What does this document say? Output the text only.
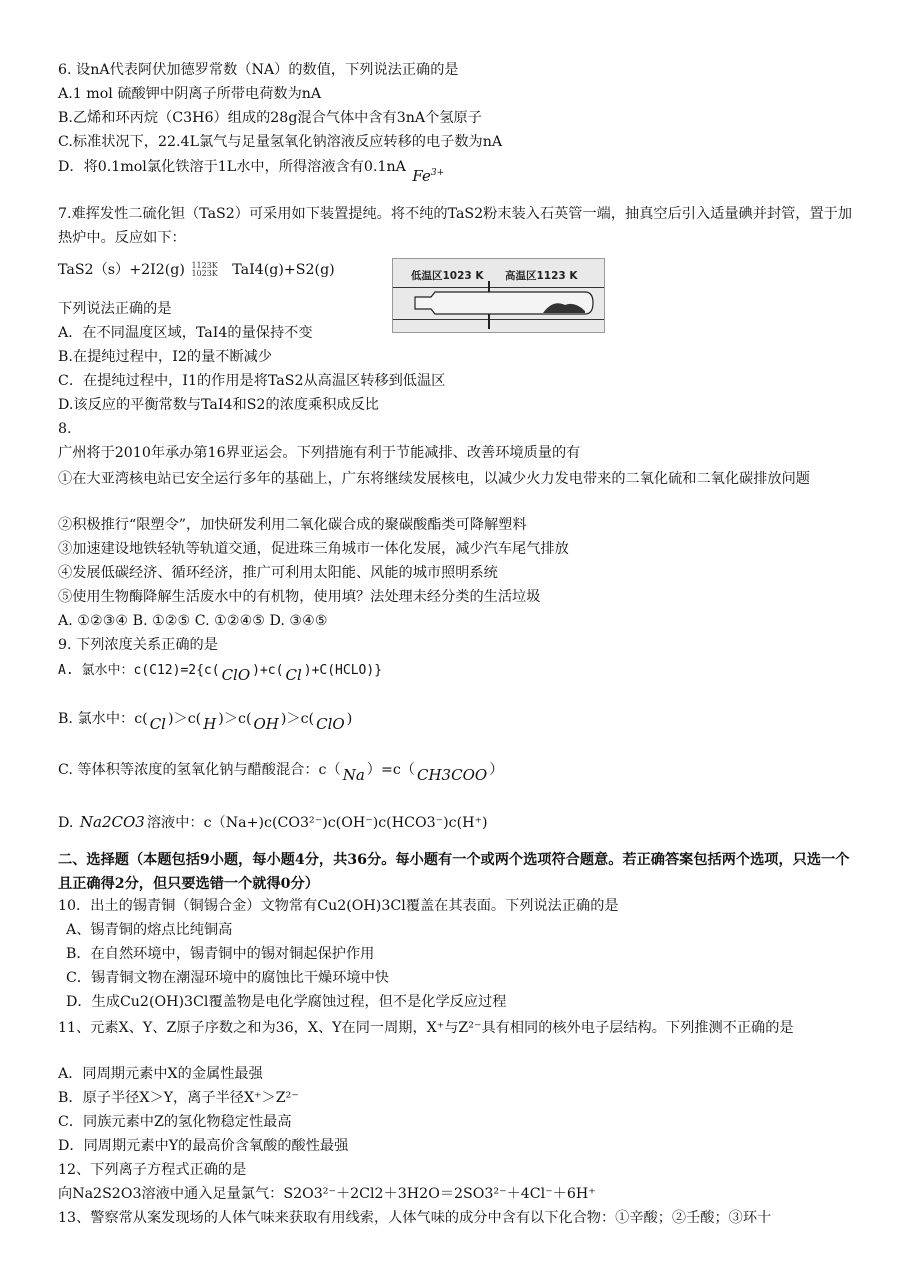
6. 设nA代表阿伏加德罗常数（NA）的数值，下列说法正确的是
A.1 mol 硫酸钾中阴离子所带电荷数为nA
B.乙烯和环丙烷（C3H6）组成的28g混合气体中含有3nA个氢原子
C.标准状况下，22.4L氯气与足量氢氧化钠溶液反应转移的电子数为nA
D．将0.1mol氯化铁溶于1L水中，所得溶液含有0.1nA $Fe^{3+}$
7.难挥发性二硫化钽（TaS2）可采用如下装置提纯。将不纯的TaS2粉末装入石英管一端，抽真空后引入适量碘并封管，置于加热炉中。反应如下：
TaS2（s）+2I2(g) 1123K
1023K TaI4(g)+S2(g)	低温区1023 K 高温区1123 K
下列说法正确的是
A．在不同温度区域，TaI4的量保持不变
B.在提纯过程中，I2的量不断减少
C．在提纯过程中，I1的作用是将TaS2从高温区转移到低温区
D.该反应的平衡常数与TaI4和S2的浓度乘积成反比
8.
广州将于2010年承办第16界亚运会。下列措施有利于节能减排、改善环境质量的有
①在大亚湾核电站已安全运行多年的基础上，广东将继续发展核电，以减少火力发电带来的二氧化硫和二氧化碳排放问题
②积极推行“限塑令”，加快研发利用二氧化碳合成的聚碳酸酯类可降解塑料
③加速建设地铁轻轨等轨道交通，促进珠三角城市一体化发展，减少汽车尾气排放
④发展低碳经济、循环经济，推广可利用太阳能、风能的城市照明系统
⑤使用生物酶降解生活废水中的有机物，使用填？法处理未经分类的生活垃圾
A. ①②③④ B. ①②⑤ C. ①②④⑤ D. ③④⑤
9. 下列浓度关系正确的是
A. 氯水中：c(C12)=2{c( ClO )+c( Cl )+C(HCLO)}
B. 氯水中：c( Cl )＞c( H )＞c( OH )＞c( ClO )
C. 等体积等浓度的氢氧化钠与醋酸混合：c（ Na ）=c（ CH3COO ）
D. Na2CO3 溶液中：c（Na+)c(CO3²⁻)c(OH⁻)c(HCO3⁻)c(H⁺)
二、选择题（本题包括9小题，每小题4分，共36分。每小题有一个或两个选项符合题意。若正确答案包括两个选项，只选一个且正确得2分，但只要选错一个就得0分）
10．出土的锡青铜（铜锡合金）文物常有Cu2(OH)3Cl覆盖在其表面。下列说法正确的是
A、锡青铜的熔点比纯铜高
B．在自然环境中，锡青铜中的锡对铜起保护作用
C．锡青铜文物在潮湿环境中的腐蚀比干燥环境中快
D．生成Cu2(OH)3Cl覆盖物是电化学腐蚀过程，但不是化学反应过程
11、元素X、Y、Z原子序数之和为36，X、Y在同一周期，X⁺与Z²⁻具有相同的核外电子层结构。下列推测不正确的是
A．同周期元素中X的金属性最强
B．原子半径X＞Y，离子半径X⁺＞Z²⁻
C．同族元素中Z的氢化物稳定性最高
D．同周期元素中Y的最高价含氧酸的酸性最强
12、下列离子方程式正确的是
向Na2S2O3溶液中通入足量氯气：S2O3²⁻＋2Cl2＋3H2O＝2SO3²⁻＋4Cl⁻＋6H⁺
13、警察常从案发现场的人体气味来获取有用线索，人体气味的成分中含有以下化合物：①辛酸；②壬酸；③环十
